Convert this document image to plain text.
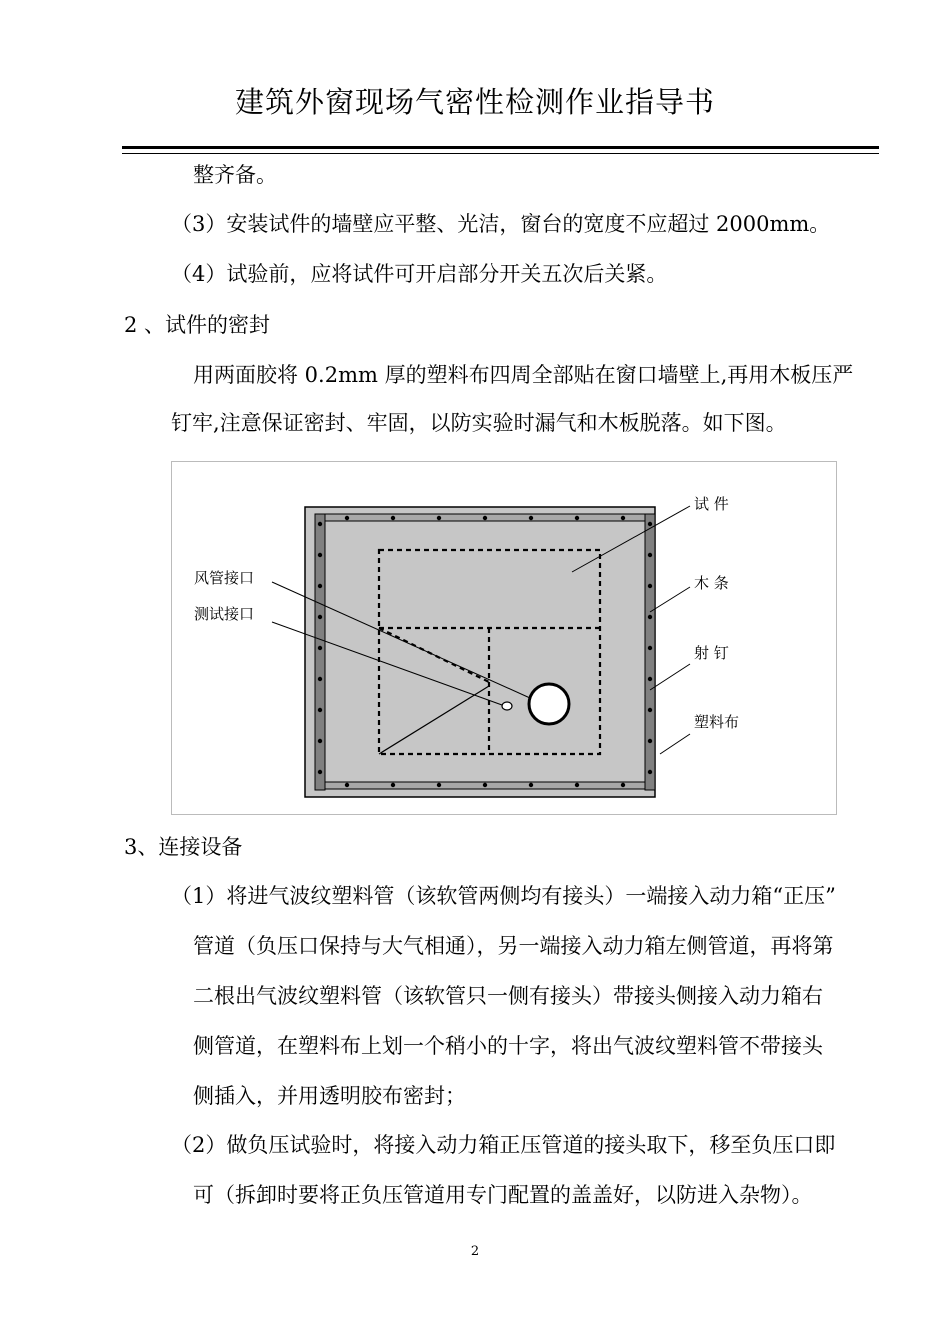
建筑外窗现场气密性检测作业指导书
整齐备。
（3）安装试件的墙壁应平整、光洁，窗台的宽度不应超过 2000mm。
（4）试验前，应将试件可开启部分开关五次后关紧。
2 、试件的密封
用两面胶将 0.2mm 厚的塑料布四周全部贴在窗口墙壁上,再用木板压严
钉牢,注意保证密封、牢固，以防实验时漏气和木板脱落。如下图。
试 件
木 条
射 钉
塑料布
风管接口
测试接口
3、连接设备
（1）将进气波纹塑料管（该软管两侧均有接头）一端接入动力箱“正压”
管道（负压口保持与大气相通），另一端接入动力箱左侧管道，再将第
二根出气波纹塑料管（该软管只一侧有接头）带接头侧接入动力箱右
侧管道，在塑料布上划一个稍小的十字，将出气波纹塑料管不带接头
侧插入，并用透明胶布密封；
（2）做负压试验时，将接入动力箱正压管道的接头取下，移至负压口即
可（拆卸时要将正负压管道用专门配置的盖盖好，以防进入杂物）。
2
